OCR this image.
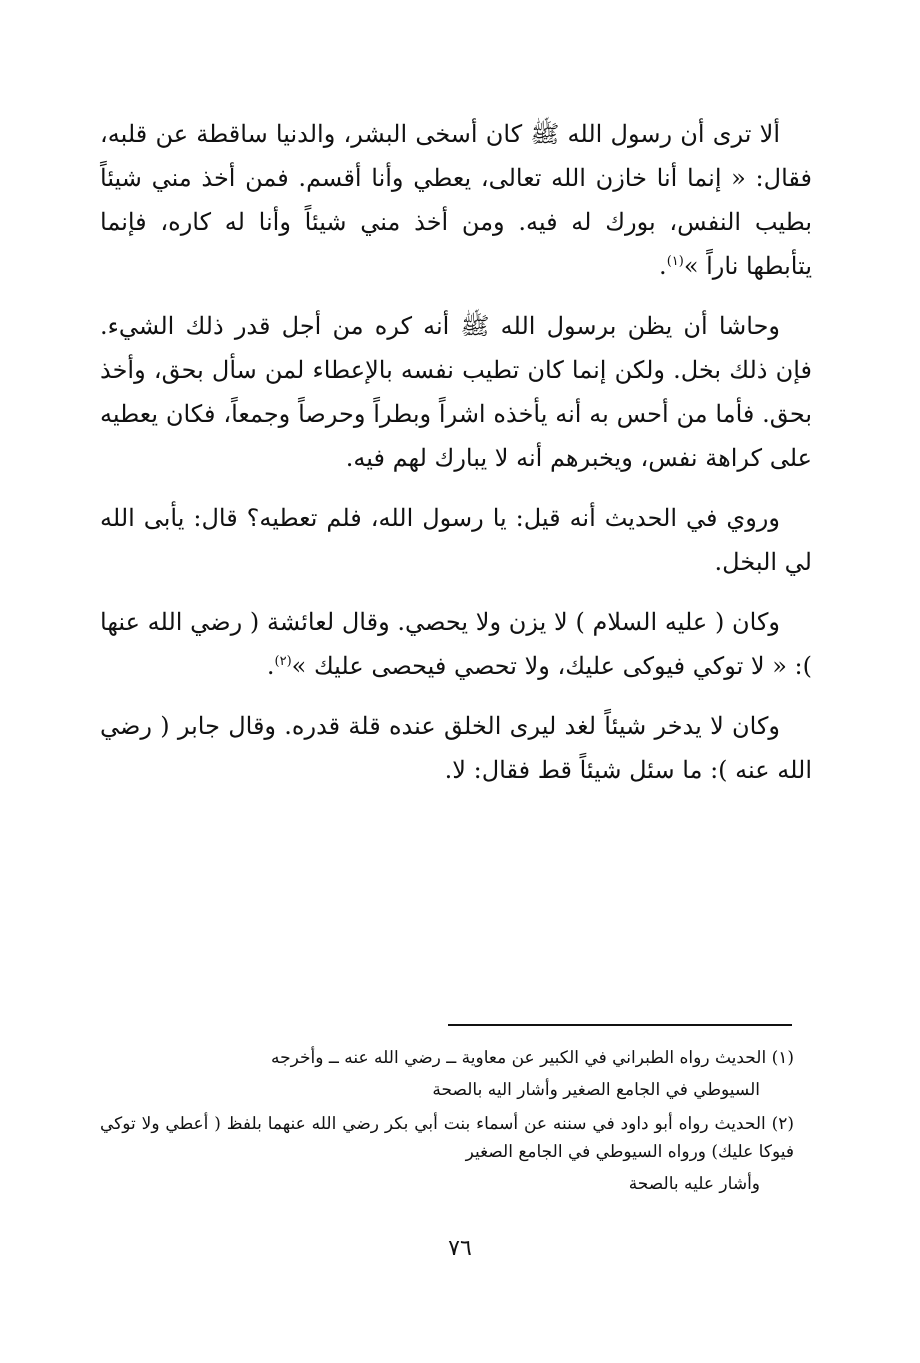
ألا ترى أن رسول الله ﷺ كان أسخى البشر، والدنيا ساقطة عن قلبه، فقال: « إنما أنا خازن الله تعالى، يعطي وأنا أقسم. فمن أخذ مني شيئاً بطيب النفس، بورك له فيه. ومن أخذ مني شيئاً وأنا له كاره، فإنما يتأبطها ناراً »$^{(١)}$.

وحاشا أن يظن برسول الله ﷺ أنه كره من أجل قدر ذلك الشيء. فإن ذلك بخل. ولكن إنما كان تطيب نفسه بالإعطاء لمن سأل بحق، وأخذ بحق. فأما من أحس به أنه يأخذه اشراً وبطراً وحرصاً وجمعاً، فكان يعطيه على كراهة نفس، ويخبرهم أنه لا يبارك لهم فيه.

وروي في الحديث أنه قيل: يا رسول الله، فلم تعطيه؟ قال: يأبى الله لي البخل.

وكان ( عليه السلام ) لا يزن ولا يحصي. وقال لعائشة ( رضي الله عنها ): « لا توكي فيوكى عليك، ولا تحصي فيحصى عليك »$^{(٢)}$.

وكان لا يدخر شيئاً لغد ليرى الخلق عنده قلة قدره. وقال جابر ( رضي الله عنه ): ما سئل شيئاً قط فقال: لا.

(١) الحديث رواه الطبراني في الكبير عن معاوية ــ رضي الله عنه ــ وأخرجه

السيوطي في الجامع الصغير وأشار اليه بالصحة

(٢) الحديث رواه أبو داود في سننه عن أسماء بنت أبي بكر رضي الله عنهما بلفظ ( أعطي ولا توكي فيوكا عليك) ورواه السيوطي في الجامع الصغير

وأشار عليه بالصحة

٧٦
